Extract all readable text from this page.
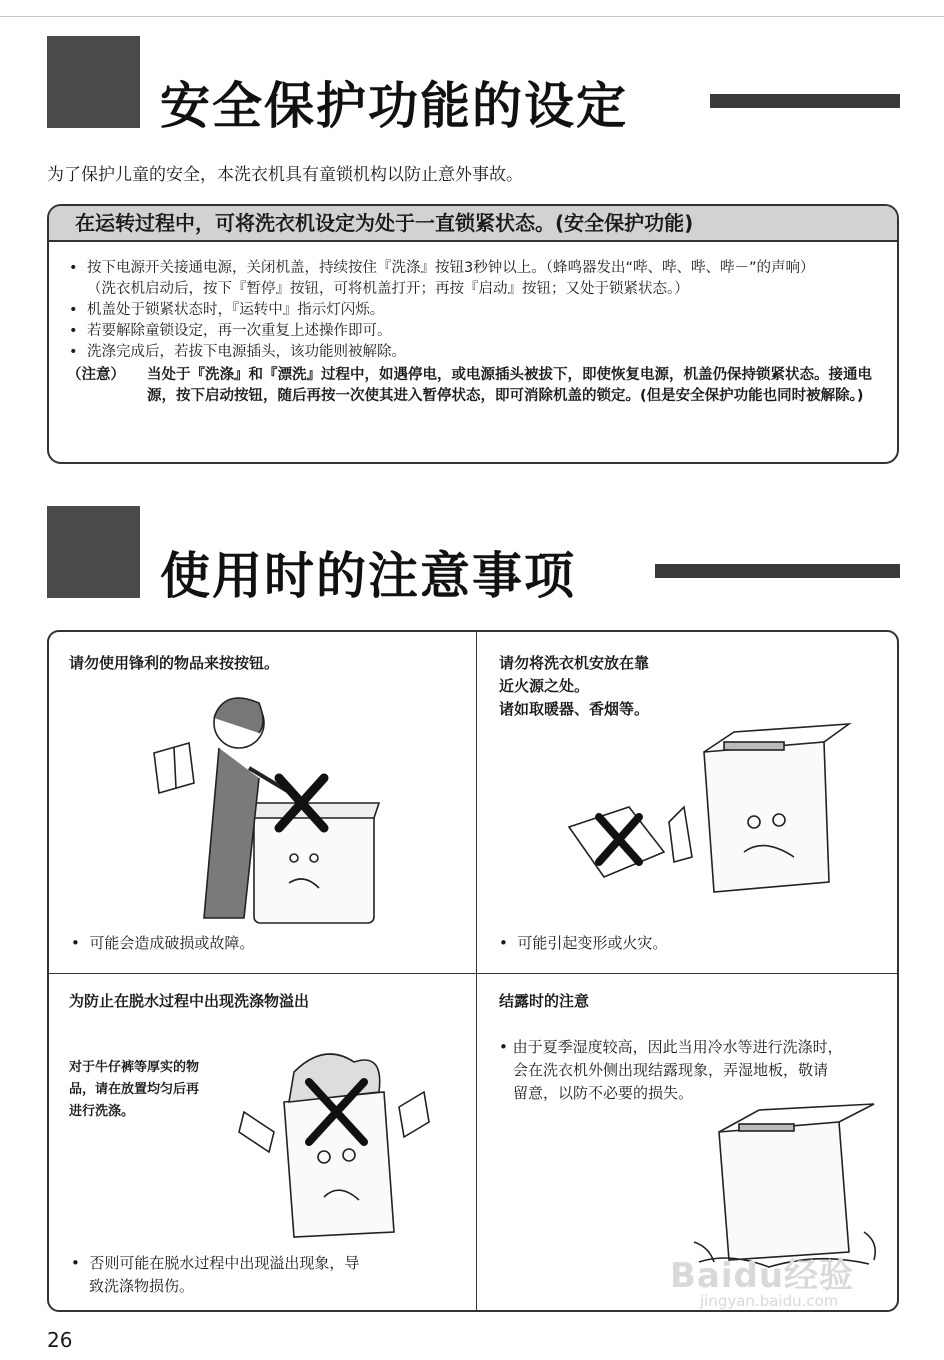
安全保护功能的设定
为了保护儿童的安全，本洗衣机具有童锁机构以防止意外事故。
在运转过程中，可将洗衣机设定为处于一直锁紧状态。(安全保护功能)
• 按下电源开关接通电源，关闭机盖，持续按住『洗涤』按钮3秒钟以上。（蜂鸣器发出“哔、哔、哔、哔－”的声响）
（洗衣机启动后，按下『暂停』按钮，可将机盖打开；再按『启动』按钮；又处于锁紧状态。）
• 机盖处于锁紧状态时，『运转中』指示灯闪烁。
• 若要解除童锁设定，再一次重复上述操作即可。
• 洗涤完成后，若拔下电源插头，该功能则被解除。
（注意） 当处于『洗涤』和『漂洗』过程中，如遇停电，或电源插头被拔下，即使恢复电源，机盖仍保持锁紧状态。接通电源，按下启动按钮，随后再按一次使其进入暂停状态，即可消除机盖的锁定。(但是安全保护功能也同时被解除。)
使用时的注意事项
请勿使用锋利的物品来按按钮。
• 可能会造成破损或故障。
请勿将洗衣机安放在靠
近火源之处。
诸如取暖器、香烟等。
• 可能引起变形或火灾。
为防止在脱水过程中出现洗涤物溢出
对于牛仔裤等厚实的物
品，请在放置均匀后再
进行洗涤。
• 否则可能在脱水过程中出现溢出现象，导
致洗涤物损伤。
结露时的注意
• 由于夏季湿度较高，因此当用冷水等进行洗涤时，
会在洗衣机外侧出现结露现象，弄湿地板，敬请
留意，以防不必要的损失。
26
Baidu经验
jingyan.baidu.com
